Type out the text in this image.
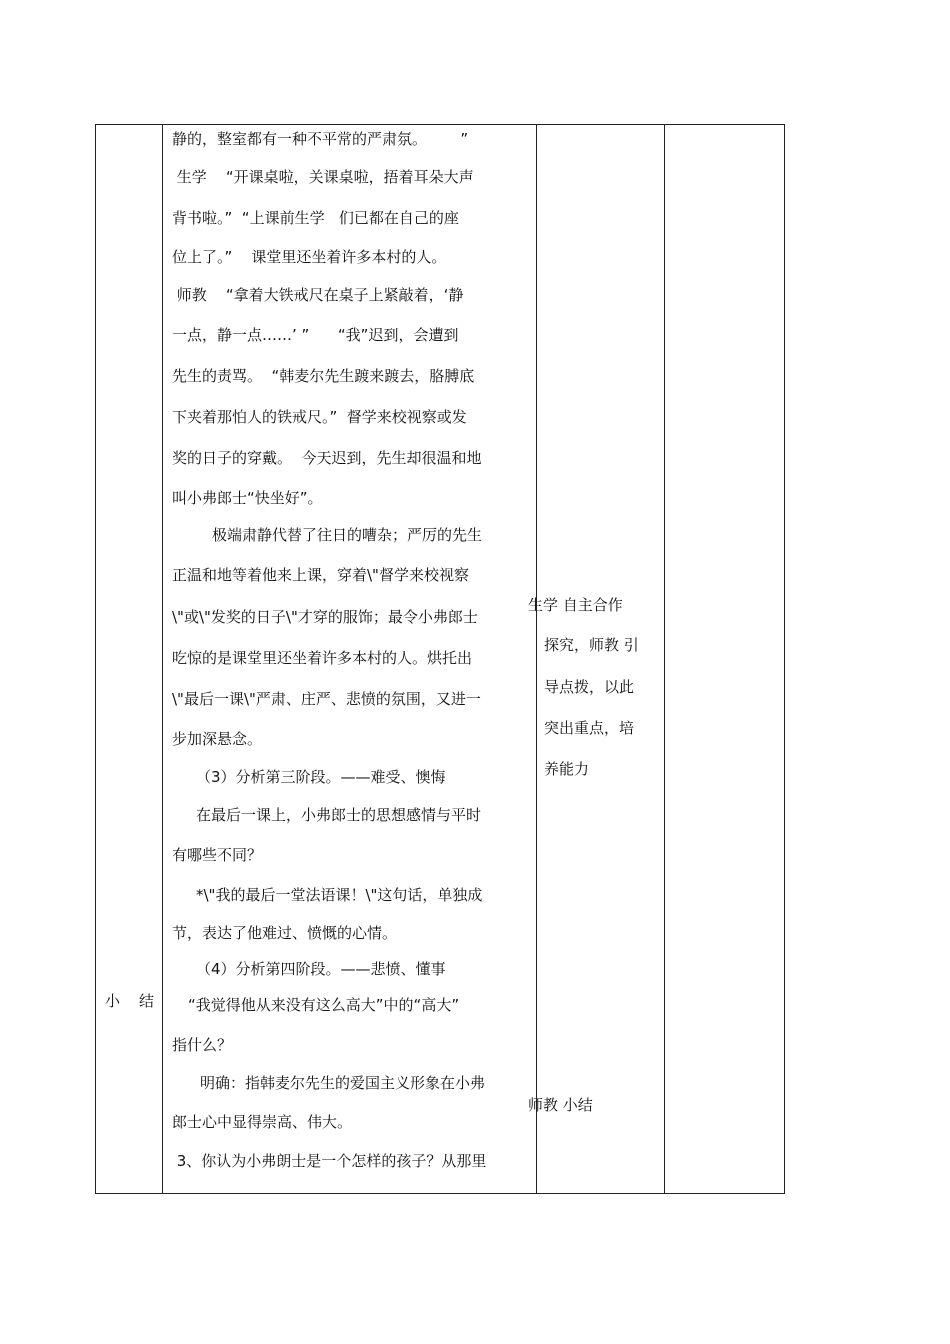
小　结
静的，整室都有一种不平常的严肃氛。       ”
生学    “开课桌啦，关课桌啦，捂着耳朵大声
背书啦。”  “上课前生学   们已都在自己的座
位上了。”    课堂里还坐着许多本村的人。
师教    “拿着大铁戒尺在桌子上紧敲着，‘静
一点，静一点……’ ”      “我”迟到，会遭到
先生的责骂。  “韩麦尔先生踱来踱去，胳膊底
下夹着那怕人的铁戒尺。”  督学来校视察或发
奖的日子的穿戴。  今天迟到，先生却很温和地
叫小弗郎士“快坐好”。
极端肃静代替了往日的嘈杂；严厉的先生
正温和地等着他来上课，穿着\"督学来校视察
\"或\"发奖的日子\"才穿的服饰；最令小弗郎士
吃惊的是课堂里还坐着许多本村的人。烘托出
\"最后一课\"严肃、庄严、悲愤的氛围，又进一
步加深悬念。
（3）分析第三阶段。——难受、懊悔
在最后一课上，小弗郎士的思想感情与平时
有哪些不同？
*\"我的最后一堂法语课！\"这句话，单独成
节，表达了他难过、愤慨的心情。
（4）分析第四阶段。——悲愤、懂事
“我觉得他从来没有这么高大”中的“高大”
指什么？
明确：指韩麦尔先生的爱国主义形象在小弗
郎士心中显得崇高、伟大。
3、你认为小弗朗士是一个怎样的孩子？从那里
生学 自主合作
探究，师教 引
导点拨，以此
突出重点，培
养能力
师教 小结
